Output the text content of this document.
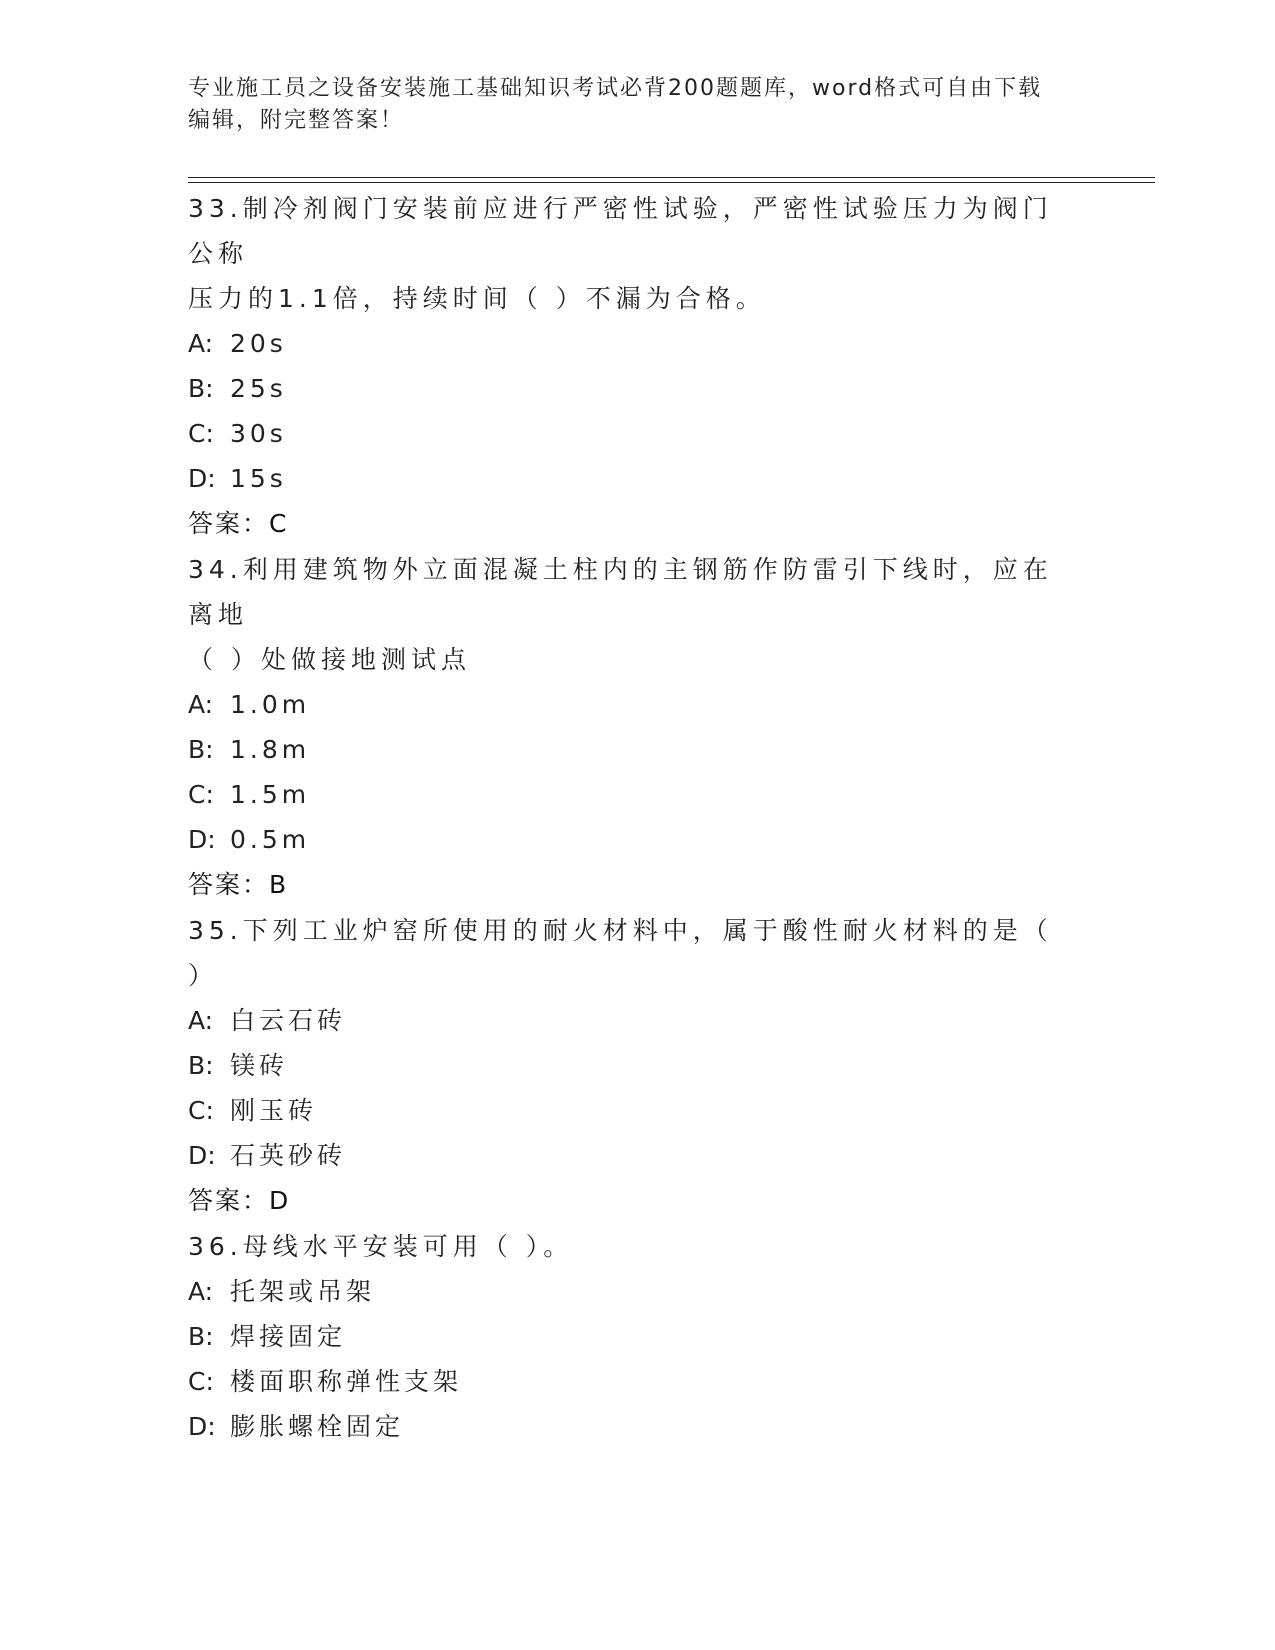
专业施工员之设备安装施工基础知识考试必背200题题库，word格式可自由下载
编辑，附完整答案！
33.制冷剂阀门安装前应进行严密性试验，严密性试验压力为阀门公称
压力的1.1倍，持续时间（ ）不漏为合格。
A: 20s
B: 25s
C: 30s
D: 15s
答案：C
34.利用建筑物外立面混凝土柱内的主钢筋作防雷引下线时，应在离地
（ ）处做接地测试点
A: 1.0m
B: 1.8m
C: 1.5m
D: 0.5m
答案：B
35.下列工业炉窑所使用的耐火材料中，属于酸性耐火材料的是（ ）
A: 白云石砖
B: 镁砖
C: 刚玉砖
D: 石英砂砖
答案：D
36.母线水平安装可用（ ）。
A: 托架或吊架
B: 焊接固定
C: 楼面职称弹性支架
D: 膨胀螺栓固定
